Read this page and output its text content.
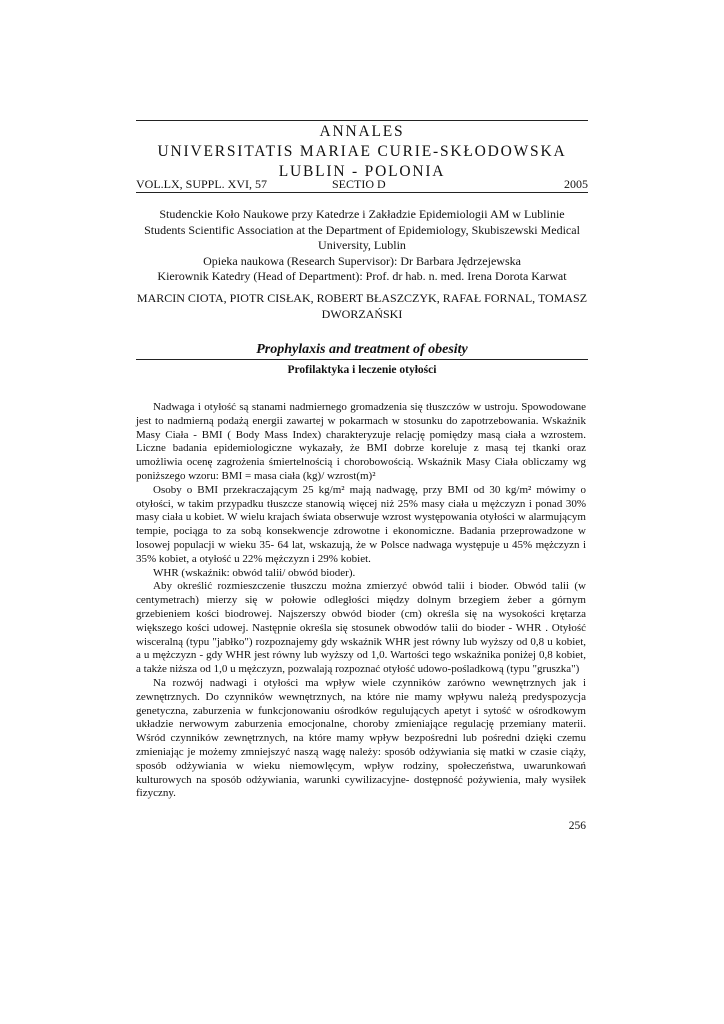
ANNALES

UNIVERSITATIS MARIAE CURIE-SKŁODOWSKA

LUBLIN - POLONIA

VOL.LX, SUPPL. XVI, 57	SECTIO D	2005
Studenckie Koło Naukowe przy Katedrze i Zakładzie Epidemiologii AM w Lublinie
Students Scientific Association at the Department of Epidemiology, Skubiszewski Medical University, Lublin
Opieka naukowa (Research Supervisor): Dr Barbara Jędrzejewska
Kierownik Katedry (Head of Department): Prof. dr hab. n. med. Irena Dorota Karwat
MARCIN CIOTA, PIOTR CISŁAK, ROBERT BŁASZCZYK, RAFAŁ FORNAL, TOMASZ DWORZAŃSKI
Prophylaxis and treatment of obesity
Profilaktyka i leczenie otyłości

Nadwaga i otyłość są stanami nadmiernego gromadzenia się tłuszczów w ustroju. Spowodowane jest to nadmierną podażą energii zawartej w pokarmach w stosunku do zapotrzebowania. Wskaźnik Masy Ciała - BMI ( Body Mass Index) charakteryzuje relację pomiędzy masą ciała a wzrostem. Liczne badania epidemiologiczne wykazały, że BMI dobrze koreluje z masą tej tkanki oraz umożliwia ocenę zagrożenia śmiertelnością i chorobowością. Wskaźnik Masy Ciała obliczamy wg poniższego wzoru: BMI = masa ciała (kg)/ wzrost(m)²

Osoby o BMI przekraczającym 25 kg/m² mają nadwagę, przy BMI od 30 kg/m² mówimy o otyłości, w takim przypadku tłuszcze stanowią więcej niż 25% masy ciała u mężczyzn i ponad 30% masy ciała u kobiet. W wielu krajach świata obserwuje wzrost występowania otyłości w alarmującym tempie, pociąga to za sobą konsekwencje zdrowotne i ekonomiczne. Badania przeprowadzone w losowej populacji w wieku 35- 64 lat, wskazują, że w Polsce nadwaga występuje u 45% mężczyzn i 35% kobiet, a otyłość u 22% mężczyzn i 29% kobiet.

WHR (wskaźnik: obwód talii/ obwód bioder).

Aby określić rozmieszczenie tłuszczu można zmierzyć obwód talii i bioder. Obwód talii (w centymetrach) mierzy się w połowie odległości między dolnym brzegiem żeber a górnym grzebieniem kości biodrowej. Najszerszy obwód bioder (cm) określa się na wysokości krętarza większego kości udowej. Następnie określa się stosunek obwodów talii do bioder - WHR . Otyłość wisceralną (typu "jabłko") rozpoznajemy gdy wskaźnik WHR jest równy lub wyższy od 0,8 u kobiet, a u mężczyzn - gdy WHR jest równy lub wyższy od 1,0. Wartości tego wskaźnika poniżej 0,8 kobiet, a także niższa od 1,0 u mężczyzn, pozwalają rozpoznać otyłość udowo-pośladkową (typu "gruszka")

Na rozwój nadwagi i otyłości ma wpływ wiele czynników zarówno wewnętrznych jak i zewnętrznych. Do czynników wewnętrznych, na które nie mamy wpływu należą predyspozycja genetyczna, zaburzenia w funkcjonowaniu ośrodków regulujących apetyt i sytość w ośrodkowym układzie nerwowym zaburzenia emocjonalne, choroby zmieniające regulację przemiany materii. Wśród czynników zewnętrznych, na które mamy wpływ bezpośredni lub pośredni dzięki czemu zmieniając je możemy zmniejszyć naszą wagę należy: sposób odżywiania się matki w czasie ciąży, sposób odżywiania w wieku niemowlęcym, wpływ rodziny, społeczeństwa, uwarunkowań kulturowych na sposób odżywiania, warunki cywilizacyjne- dostępność pożywienia, mały wysiłek fizyczny.

256
